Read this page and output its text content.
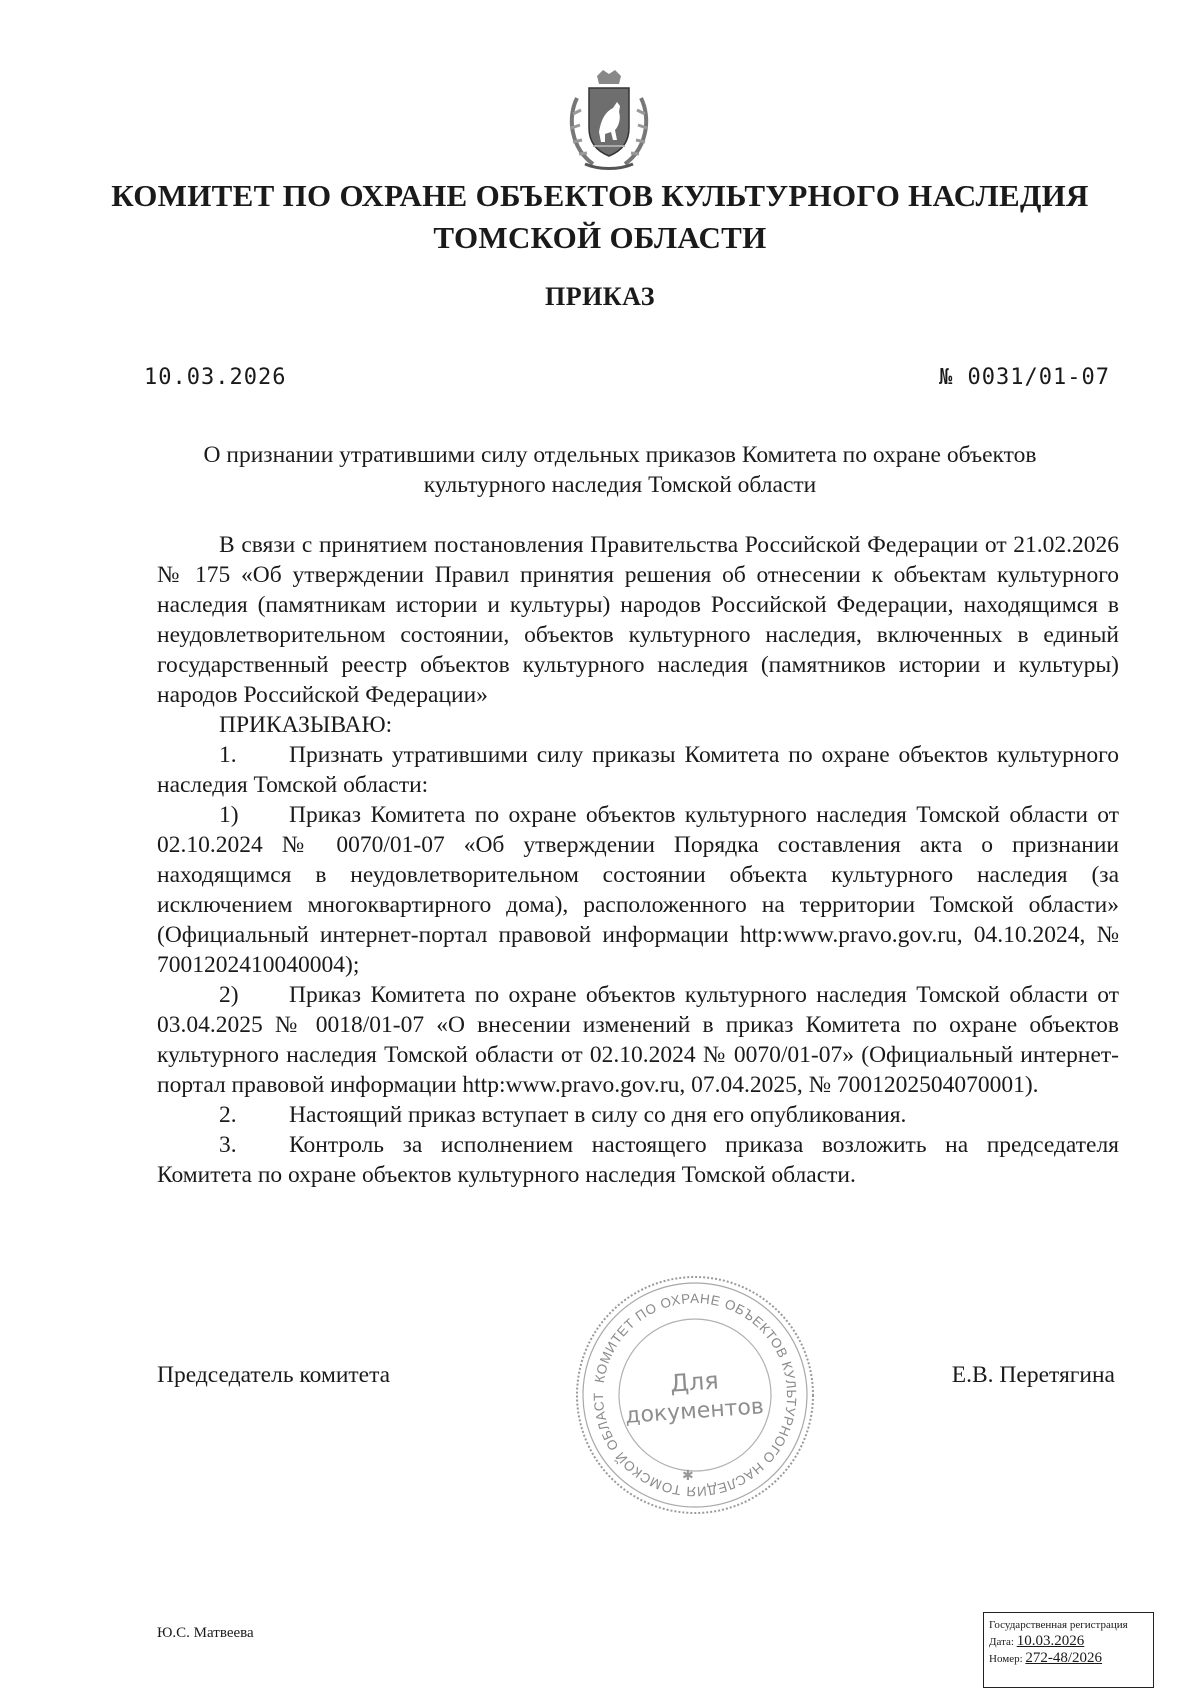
КОМИТЕТ ПО ОХРАНЕ ОБЪЕКТОВ КУЛЬТУРНОГО НАСЛЕДИЯ
ТОМСКОЙ ОБЛАСТИ
ПРИКАЗ
10.03.2026	№ 0031/01-07
О признании утратившими силу отдельных приказов Комитета по охране объектов культурного наследия Томской области

В связи с принятием постановления Правительства Российской Федерации от 21.02.2026 № 175 «Об утверждении Правил принятия решения об отнесении к объектам культурного наследия (памятникам истории и культуры) народов Российской Федерации, находящимся в неудовлетворительном состоянии, объектов культурного наследия, включенных в единый государственный реестр объектов культурного наследия (памятников истории и культуры) народов Российской Федерации»

ПРИКАЗЫВАЮ:

1. Признать утратившими силу приказы Комитета по охране объектов культурного наследия Томской области:

1) Приказ Комитета по охране объектов культурного наследия Томской области от 02.10.2024 № 0070/01-07 «Об утверждении Порядка составления акта о признании находящимся в неудовлетворительном состоянии объекта культурного наследия (за исключением многоквартирного дома), расположенного на территории Томской области» (Официальный интернет-портал правовой информации http:www.pravo.gov.ru, 04.10.2024, № 7001202410040004);

2) Приказ Комитета по охране объектов культурного наследия Томской области от 03.04.2025 № 0018/01-07 «О внесении изменений в приказ Комитета по охране объектов культурного наследия Томской области от 02.10.2024 № 0070/01-07» (Официальный интернет-портал правовой информации http:www.pravo.gov.ru, 07.04.2025, № 7001202504070001).

2. Настоящий приказ вступает в силу со дня его опубликования.

3. Контроль за исполнением настоящего приказа возложить на председателя Комитета по охране объектов культурного наследия Томской области.

Председатель комитета	Е.В. Перетягина
КОМИТЕТ ПО ОХРАНЕ ОБЪЕКТОВ КУЛЬТУРНОГО НАСЛЕДИЯ ТОМСКОЙ ОБЛАСТ	Для
документов
✱
Ю.С. Матвеева	Государственная регистрация
Дата: 10.03.2026
Номер: 272-48/2026
